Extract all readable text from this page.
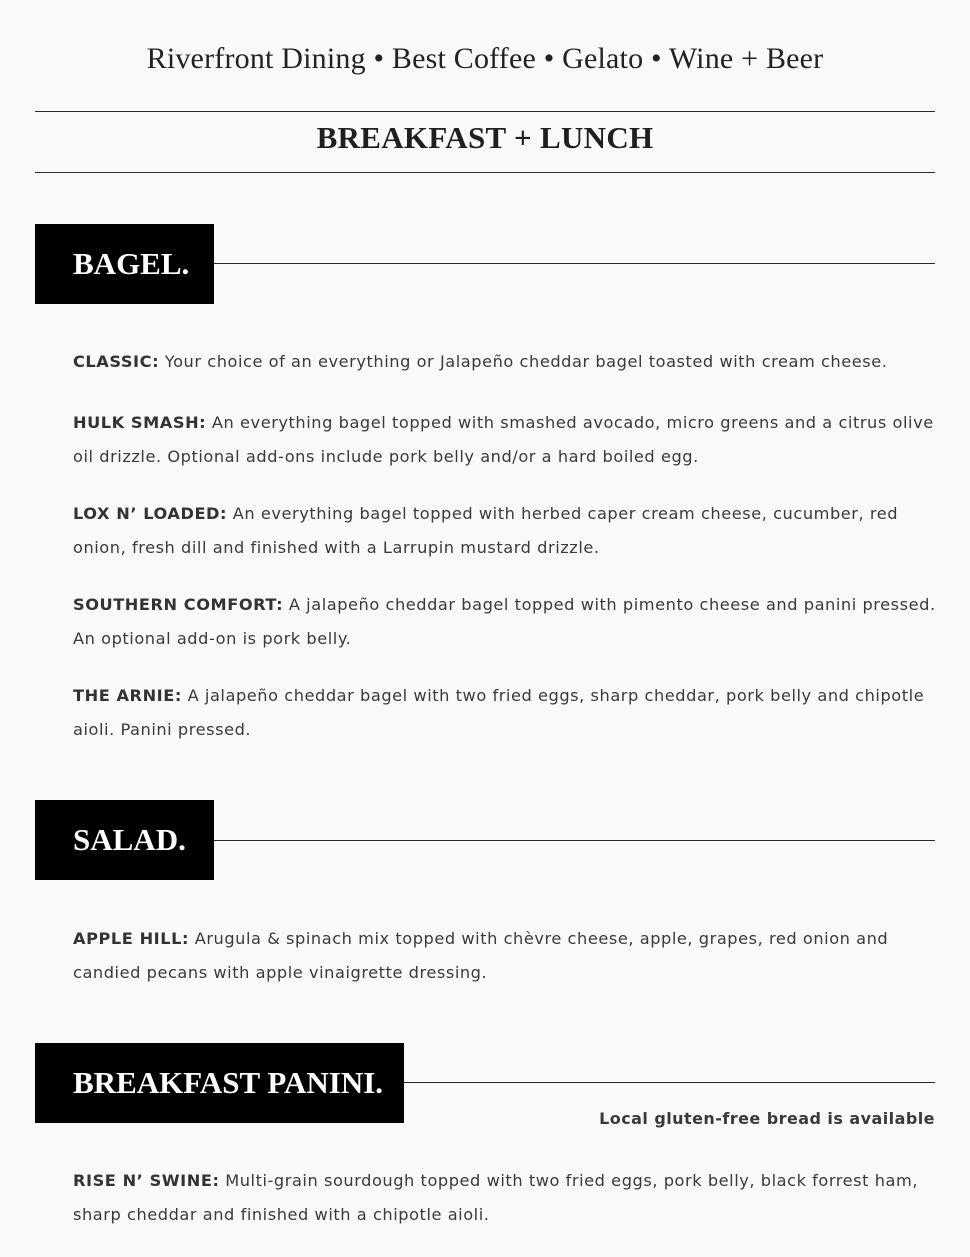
Riverfront Dining • Best Coffee • Gelato • Wine + Beer
BREAKFAST + LUNCH
BAGEL.

CLASSIC: Your choice of an everything or Jalapeño cheddar bagel toasted with cream cheese.

HULK SMASH: An everything bagel topped with smashed avocado, micro greens and a citrus olive oil drizzle. Optional add-ons include pork belly and/or a hard boiled egg.

LOX N’ LOADED: An everything bagel topped with herbed caper cream cheese, cucumber, red onion, fresh dill and finished with a Larrupin mustard drizzle.

SOUTHERN COMFORT: A jalapeño cheddar bagel topped with pimento cheese and panini pressed. An optional add-on is pork belly.

THE ARNIE: A jalapeño cheddar bagel with two fried eggs, sharp cheddar, pork belly and chipotle aioli. Panini pressed.

SALAD.

APPLE HILL: Arugula & spinach mix topped with chèvre cheese, apple, grapes, red onion and candied pecans with apple vinaigrette dressing.

BREAKFAST PANINI.
Local gluten-free bread is available

RISE N’ SWINE: Multi-grain sourdough topped with two fried eggs, pork belly, black forrest ham, sharp cheddar and finished with a chipotle aioli.
